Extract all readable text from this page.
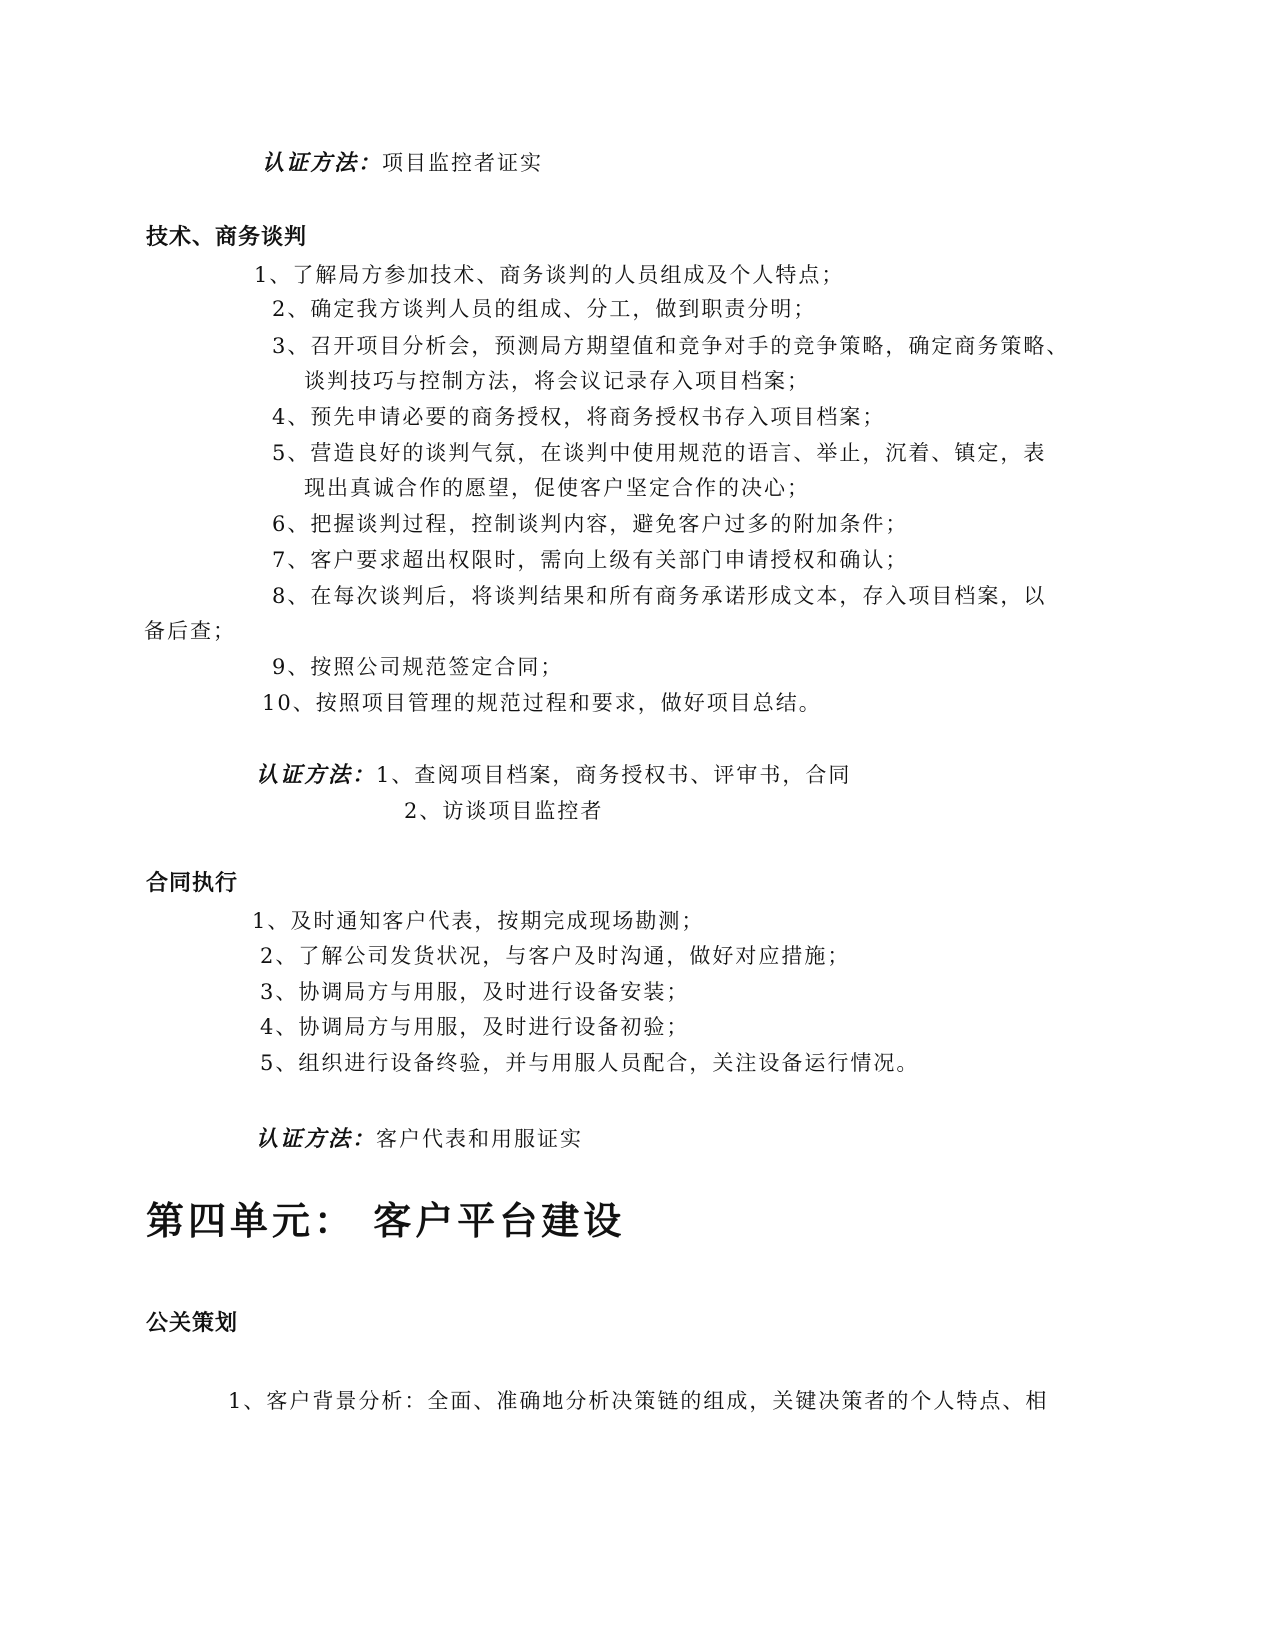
认证方法：项目监控者证实
技术、商务谈判
1、了解局方参加技术、商务谈判的人员组成及个人特点；
2、确定我方谈判人员的组成、分工，做到职责分明；
3、召开项目分析会，预测局方期望值和竞争对手的竞争策略，确定商务策略、
谈判技巧与控制方法，将会议记录存入项目档案；
4、预先申请必要的商务授权，将商务授权书存入项目档案；
5、营造良好的谈判气氛，在谈判中使用规范的语言、举止，沉着、镇定，表
现出真诚合作的愿望，促使客户坚定合作的决心；
6、把握谈判过程，控制谈判内容，避免客户过多的附加条件；
7、客户要求超出权限时，需向上级有关部门申请授权和确认；
8、在每次谈判后，将谈判结果和所有商务承诺形成文本，存入项目档案，以
备后查；
9、按照公司规范签定合同；
10、按照项目管理的规范过程和要求，做好项目总结。
认证方法：1、查阅项目档案，商务授权书、评审书，合同
2、访谈项目监控者
合同执行
1、及时通知客户代表，按期完成现场勘测；
2、了解公司发货状况，与客户及时沟通，做好对应措施；
3、协调局方与用服，及时进行设备安装；
4、协调局方与用服，及时进行设备初验；
5、组织进行设备终验，并与用服人员配合，关注设备运行情况。
认证方法：客户代表和用服证实
第四单元： 客户平台建设
公关策划
1、客户背景分析：全面、准确地分析决策链的组成，关键决策者的个人特点、相
